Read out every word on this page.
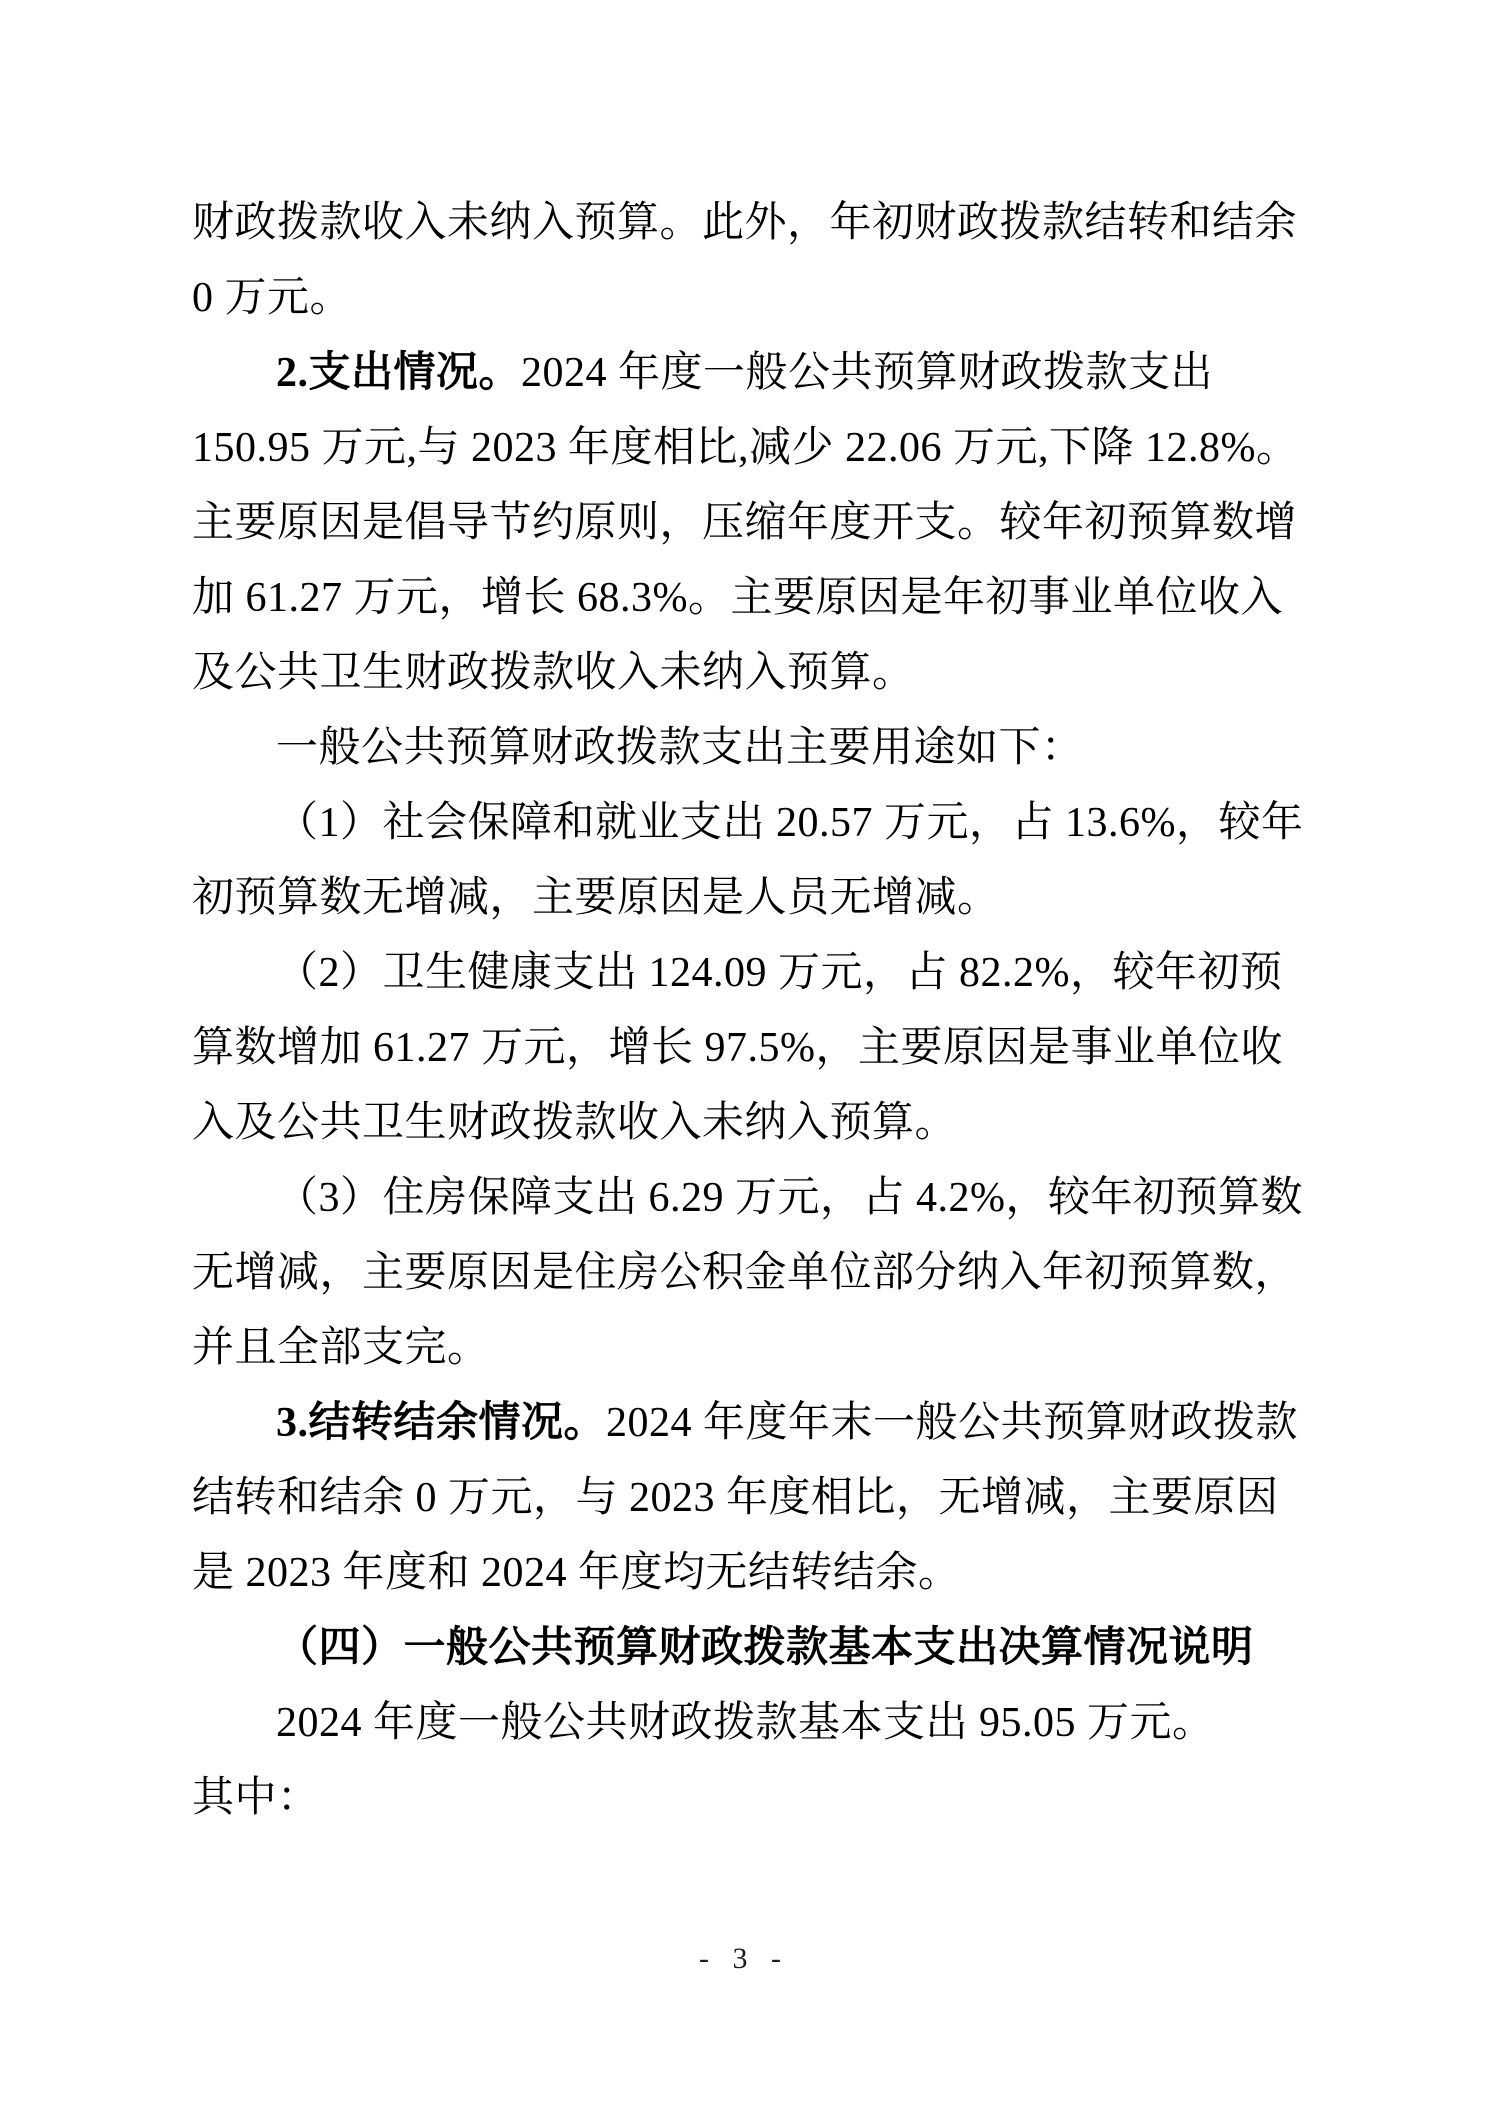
财政拨款收入未纳入预算。此外，年初财政拨款结转和结余
0 万元。
2.支出情况。2024 年度一般公共预算财政拨款支出
150.95 万元,与 2023 年度相比,减少 22.06 万元,下降 12.8%。
主要原因是倡导节约原则，压缩年度开支。较年初预算数增
加 61.27 万元，增长 68.3%。主要原因是年初事业单位收入
及公共卫生财政拨款收入未纳入预算。
一般公共预算财政拨款支出主要用途如下：
（1）社会保障和就业支出 20.57 万元，占 13.6%，较年
初预算数无增减，主要原因是人员无增减。
（2）卫生健康支出 124.09 万元，占 82.2%，较年初预
算数增加 61.27 万元，增长 97.5%，主要原因是事业单位收
入及公共卫生财政拨款收入未纳入预算。
（3）住房保障支出 6.29 万元，占 4.2%，较年初预算数
无增减，主要原因是住房公积金单位部分纳入年初预算数，
并且全部支完。
3.结转结余情况。2024 年度年末一般公共预算财政拨款
结转和结余 0 万元，与 2023 年度相比，无增减，主要原因
是 2023 年度和 2024 年度均无结转结余。
（四）一般公共预算财政拨款基本支出决算情况说明
2024 年度一般公共财政拨款基本支出 95.05 万元。
其中：
- 3 -
